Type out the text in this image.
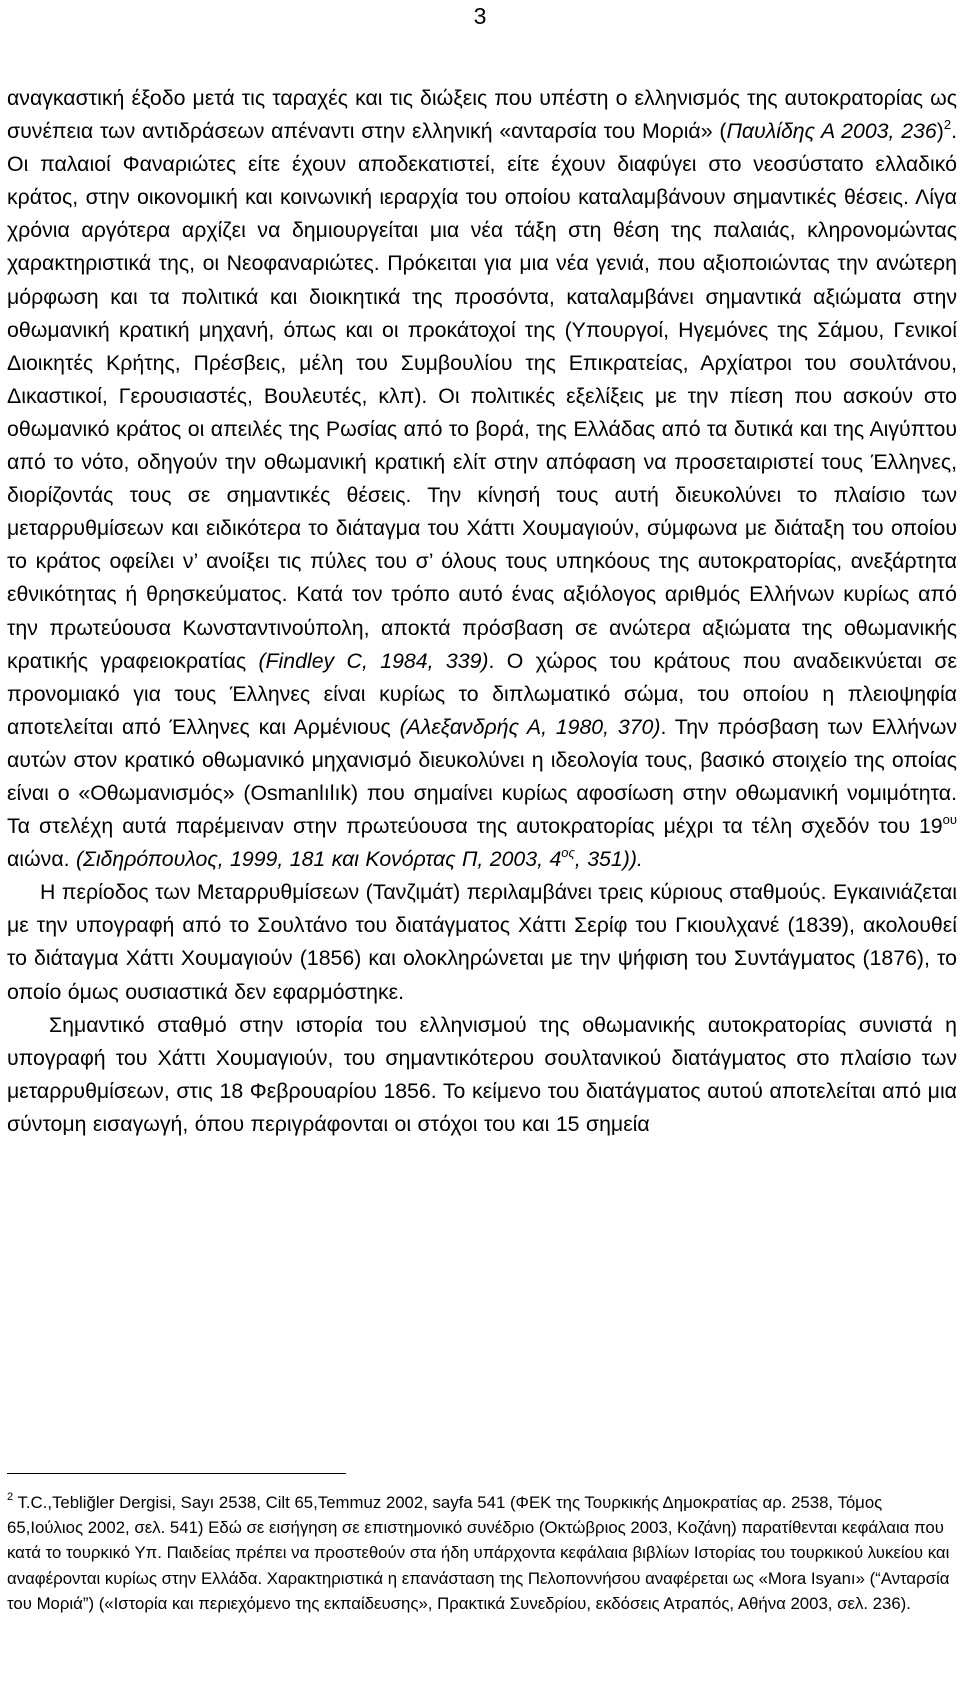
3

αναγκαστική έξοδο μετά τις ταραχές και τις διώξεις που υπέστη ο ελληνισμός της αυτοκρατορίας ως συνέπεια των αντιδράσεων απέναντι στην ελληνική «ανταρσία του Μοριά» (Παυλίδης Α 2003, 236)$^2$. Οι παλαιοί Φαναριώτες είτε έχουν αποδεκατιστεί, είτε έχουν διαφύγει στο νεοσύστατο ελλαδικό κράτος, στην οικονομική και κοινωνική ιεραρχία του οποίου καταλαμβάνουν σημαντικές θέσεις. Λίγα χρόνια αργότερα αρχίζει να δημιουργείται μια νέα τάξη στη θέση της παλαιάς, κληρονομώντας χαρακτηριστικά της, οι Νεοφαναριώτες. Πρόκειται για μια νέα γενιά, που αξιοποιώντας την ανώτερη μόρφωση και τα πολιτικά και διοικητικά της προσόντα, καταλαμβάνει σημαντικά αξιώματα στην οθωμανική κρατική μηχανή, όπως και οι προκάτοχοί της (Υπουργοί, Ηγεμόνες της Σάμου, Γενικοί Διοικητές Κρήτης, Πρέσβεις, μέλη του Συμβουλίου της Επικρατείας, Αρχίατροι του σουλτάνου, Δικαστικοί, Γερουσιαστές, Βουλευτές, κλπ). Οι πολιτικές εξελίξεις με την πίεση που ασκούν στο οθωμανικό κράτος οι απειλές της Ρωσίας από το βορά, της Ελλάδας από τα δυτικά και της Αιγύπτου από το νότο, οδηγούν την οθωμανική κρατική ελίτ στην απόφαση να προσεταιριστεί τους Έλληνες, διορίζοντάς τους σε σημαντικές θέσεις. Την κίνησή τους αυτή διευκολύνει το πλαίσιο των μεταρρυθμίσεων και ειδικότερα το διάταγμα του Χάττι Χουμαγιούν, σύμφωνα με διάταξη του οποίου το κράτος οφείλει ν’ ανοίξει τις πύλες του σ’ όλους τους υπηκόους της αυτοκρατορίας, ανεξάρτητα εθνικότητας ή θρησκεύματος. Κατά τον τρόπο αυτό ένας αξιόλογος αριθμός Ελλήνων κυρίως από την πρωτεύουσα Κωνσταντινούπολη, αποκτά πρόσβαση σε ανώτερα αξιώματα της οθωμανικής κρατικής γραφειοκρατίας (Findley C, 1984, 339). Ο χώρος του κράτους που αναδεικνύεται σε προνομιακό για τους Έλληνες είναι κυρίως το διπλωματικό σώμα, του οποίου η πλειοψηφία αποτελείται από Έλληνες και Αρμένιους (Αλεξανδρής Α, 1980, 370). Την πρόσβαση των Ελλήνων αυτών στον κρατικό οθωμανικό μηχανισμό διευκολύνει η ιδεολογία τους, βασικό στοιχείο της οποίας είναι ο «Οθωμανισμός» (Osmanlılık) που σημαίνει κυρίως αφοσίωση στην οθωμανική νομιμότητα. Τα στελέχη αυτά παρέμειναν στην πρωτεύουσα της αυτοκρατορίας μέχρι τα τέλη σχεδόν του $19^{o\upsilon}$ αιώνα. (Σιδηρόπουλος, 1999, 181 και Κονόρτας Π, 2003, $4^{o\varsigma}$, 351)).

Η περίοδος των Μεταρρυθμίσεων (Τανζιμάτ) περιλαμβάνει τρεις κύριους σταθμούς. Εγκαινιάζεται με την υπογραφή από το Σουλτάνο του διατάγματος Χάττι Σερίφ του Γκιουλχανέ (1839), ακολουθεί το διάταγμα Χάττι Χουμαγιούν (1856) και ολοκληρώνεται με την ψήφιση του Συντάγματος (1876), το οποίο όμως ουσιαστικά δεν εφαρμόστηκε.

Σημαντικό σταθμό στην ιστορία του ελληνισμού της οθωμανικής αυτοκρατορίας συνιστά η υπογραφή του Χάττι Χουμαγιούν, του σημαντικότερου σουλτανικού διατάγματος στο πλαίσιο των μεταρρυθμίσεων, στις 18 Φεβρουαρίου 1856. Το κείμενο του διατάγματος αυτού αποτελείται από μια σύντομη εισαγωγή, όπου περιγράφονται οι στόχοι του και 15 σημεία

$^2$ T.C.,Tebliğler Dergisi, Sayı 2538, Cilt 65,Temmuz 2002, sayfa 541 (ΦΕΚ της Τουρκικής Δημοκρατίας αρ. 2538, Τόμος 65,Ιούλιος 2002, σελ. 541) Εδώ σε εισήγηση σε επιστημονικό συνέδριο (Οκτώβριος 2003, Κοζάνη) παρατίθενται κεφάλαια που κατά το τουρκικό Υπ. Παιδείας πρέπει να προστεθούν στα ήδη υπάρχοντα κεφάλαια βιβλίων Ιστορίας του τουρκικού λυκείου και αναφέρονται κυρίως στην Ελλάδα. Χαρακτηριστικά η επανάσταση της Πελοποννήσου αναφέρεται ως «Mora Isyanı» (“Ανταρσία του Μοριά”) («Ιστορία και περιεχόμενο της εκπαίδευσης», Πρακτικά Συνεδρίου, εκδόσεις Ατραπός, Αθήνα 2003, σελ. 236).
